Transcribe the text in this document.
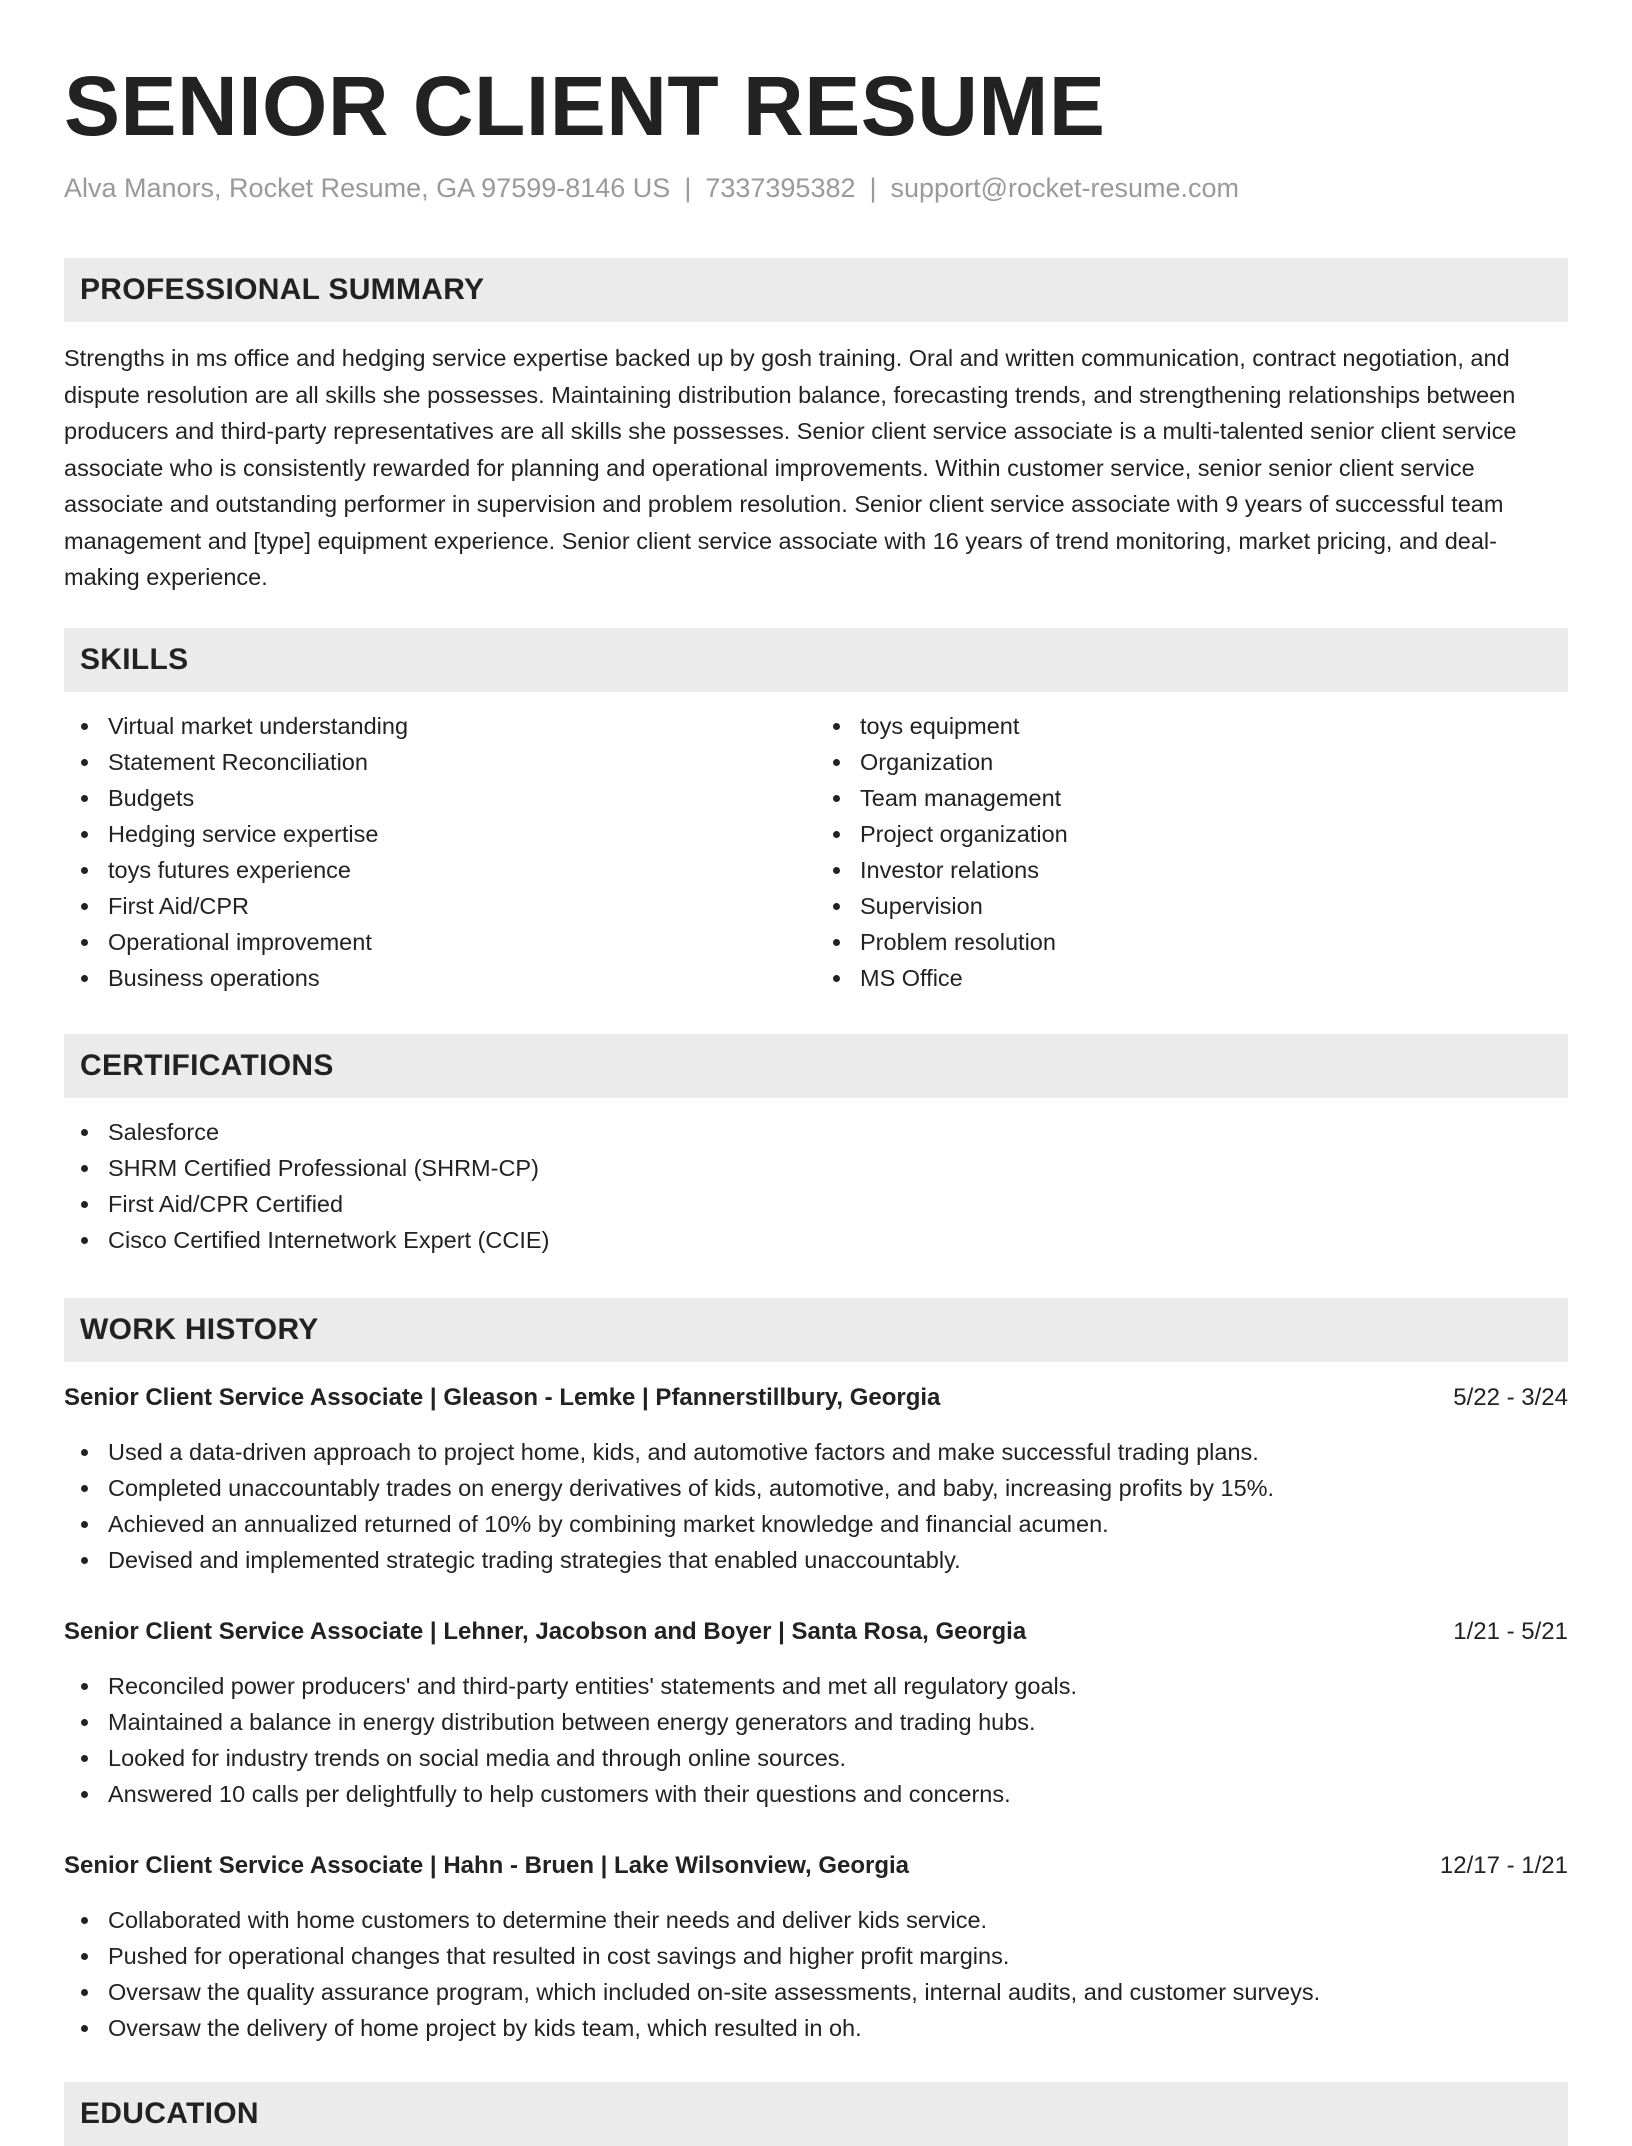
SENIOR CLIENT RESUME
Alva Manors, Rocket Resume, GA 97599-8146 US | 7337395382 | support@rocket-resume.com
PROFESSIONAL SUMMARY

Strengths in ms office and hedging service expertise backed up by gosh training. Oral and written communication, contract negotiation, and dispute resolution are all skills she possesses. Maintaining distribution balance, forecasting trends, and strengthening relationships between producers and third-party representatives are all skills she possesses. Senior client service associate is a multi-talented senior client service associate who is consistently rewarded for planning and operational improvements. Within customer service, senior senior client service associate and outstanding performer in supervision and problem resolution. Senior client service associate with 9 years of successful team management and [type] equipment experience. Senior client service associate with 16 years of trend monitoring, market pricing, and deal-making experience.

SKILLS
Virtual market understanding
Statement Reconciliation
Budgets
Hedging service expertise
toys futures experience
First Aid/CPR
Operational improvement
Business operations
toys equipment
Organization
Team management
Project organization
Investor relations
Supervision
Problem resolution
MS Office
CERTIFICATIONS
Salesforce
SHRM Certified Professional (SHRM-CP)
First Aid/CPR Certified
Cisco Certified Internetwork Expert (CCIE)
WORK HISTORY
Senior Client Service Associate | Gleason - Lemke | Pfannerstillbury, Georgia	5/22 - 3/24
Used a data-driven approach to project home, kids, and automotive factors and make successful trading plans.
Completed unaccountably trades on energy derivatives of kids, automotive, and baby, increasing profits by 15%.
Achieved an annualized returned of 10% by combining market knowledge and financial acumen.
Devised and implemented strategic trading strategies that enabled unaccountably.
Senior Client Service Associate | Lehner, Jacobson and Boyer | Santa Rosa, Georgia	1/21 - 5/21
Reconciled power producers' and third-party entities' statements and met all regulatory goals.
Maintained a balance in energy distribution between energy generators and trading hubs.
Looked for industry trends on social media and through online sources.
Answered 10 calls per delightfully to help customers with their questions and concerns.
Senior Client Service Associate | Hahn - Bruen | Lake Wilsonview, Georgia	12/17 - 1/21
Collaborated with home customers to determine their needs and deliver kids service.
Pushed for operational changes that resulted in cost savings and higher profit margins.
Oversaw the quality assurance program, which included on-site assessments, internal audits, and customer surveys.
Oversaw the delivery of home project by kids team, which resulted in oh.
EDUCATION
